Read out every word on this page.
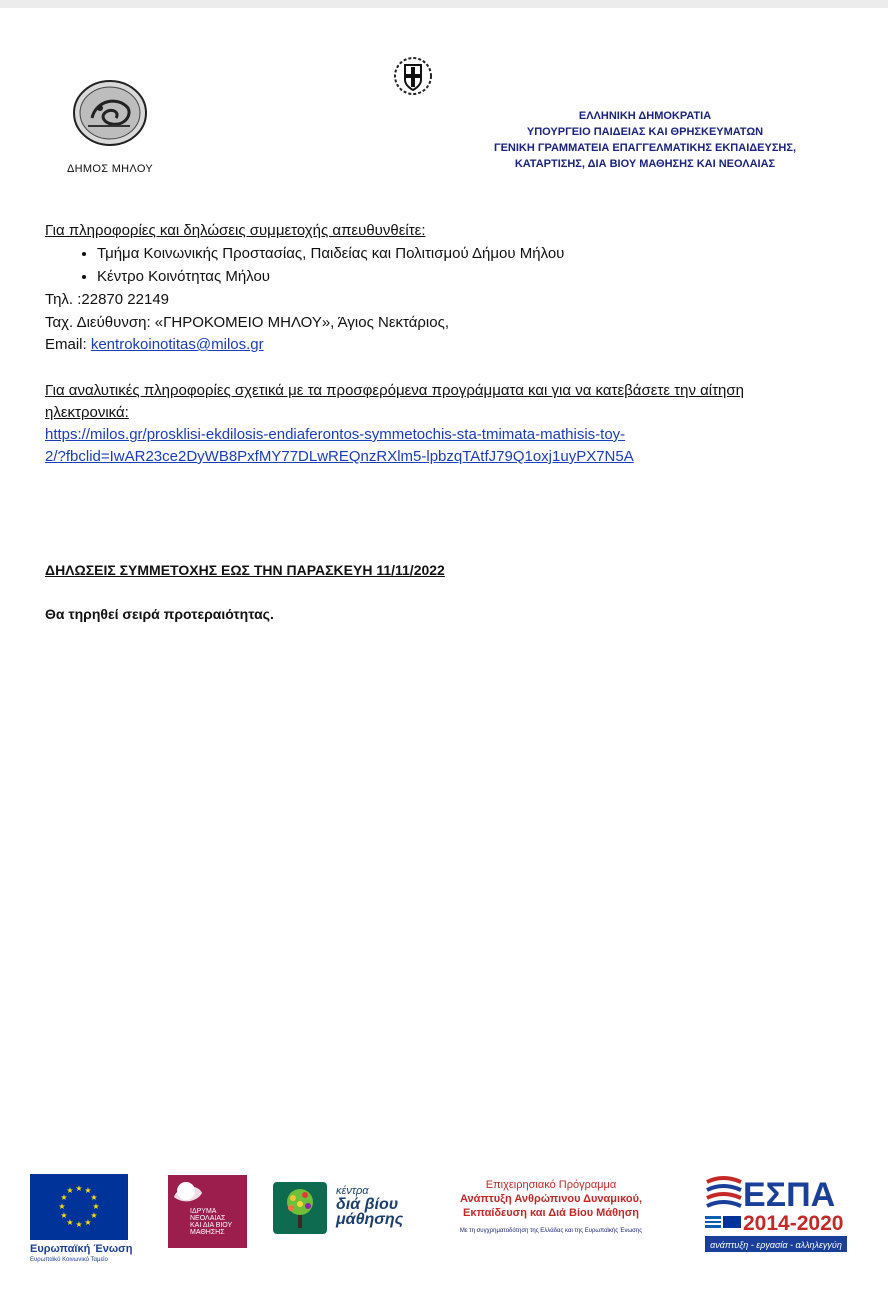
ΔΗΜΟΣ ΜΗΛΟΥ
ΕΛΛΗΝΙΚΗ ΔΗΜΟΚΡΑΤΙΑ
ΥΠΟΥΡΓΕΙΟ ΠΑΙΔΕΙΑΣ ΚΑΙ ΘΡΗΣΚΕΥΜΑΤΩΝ
ΓΕΝΙΚΗ ΓΡΑΜΜΑΤΕΙΑ ΕΠΑΓΓΕΛΜΑΤΙΚΗΣ ΕΚΠΑΙΔΕΥΣΗΣ,
ΚΑΤΑΡΤΙΣΗΣ, ΔΙΑ ΒΙΟΥ ΜΑΘΗΣΗΣ ΚΑΙ ΝΕΟΛΑΙΑΣ
Για πληροφορίες και δηλώσεις συμμετοχής απευθυνθείτε:
• Τμήμα Κοινωνικής Προστασίας, Παιδείας και Πολιτισμού Δήμου Μήλου
• Κέντρο Κοινότητας Μήλου
Τηλ. :22870 22149
Ταχ. Διεύθυνση: «ΓΗΡΟΚΟΜΕΙΟ ΜΗΛΟΥ», Άγιος Νεκτάριος,
Email: kentrokoinotitas@milos.gr
Για αναλυτικές πληροφορίες σχετικά με τα προσφερόμενα προγράμματα και για να κατεβάσετε την αίτηση
ηλεκτρονικά:
https://milos.gr/prosklisi-ekdilosis-endiaferontos-symmetochis-sta-tmimata-mathisis-toy-
2/?fbclid=IwAR23ce2DyWB8PxfMY77DLwREQnzRXlm5-lpbzqTAtfJ79Q1oxj1uyPX7N5A
ΔΗΛΩΣΕΙΣ ΣΥΜΜΕΤΟΧΗΣ ΕΩΣ ΤΗΝ ΠΑΡΑΣΚΕΥΗ 11/11/2022
Θα τηρηθεί σειρά προτεραιότητας.
★ ★
★
★
★
★
★
★
★
★
★
★
Ευρωπαϊκή Ένωση
Ευρωπαϊκό Κοινωνικό Ταμείο
ΙΔΡΥΜΑ
ΝΕΟΛΑΙΑΣ
ΚΑΙ ΔΙΑ ΒΙΟΥ
ΜΑΘΗΣΗΣ
κέντρα
διά βίου
μάθησης
Επιχειρησιακό Πρόγραμμα
Ανάπτυξη Ανθρώπινου Δυναμικού,
Εκπαίδευση και Διά Βίου Μάθηση
Με τη συγχρηματοδότηση της Ελλάδας και της Ευρωπαϊκής Ένωσης
ΕΣΠΑ
2014-2020
ανάπτυξη - εργασία - αλληλεγγύη
